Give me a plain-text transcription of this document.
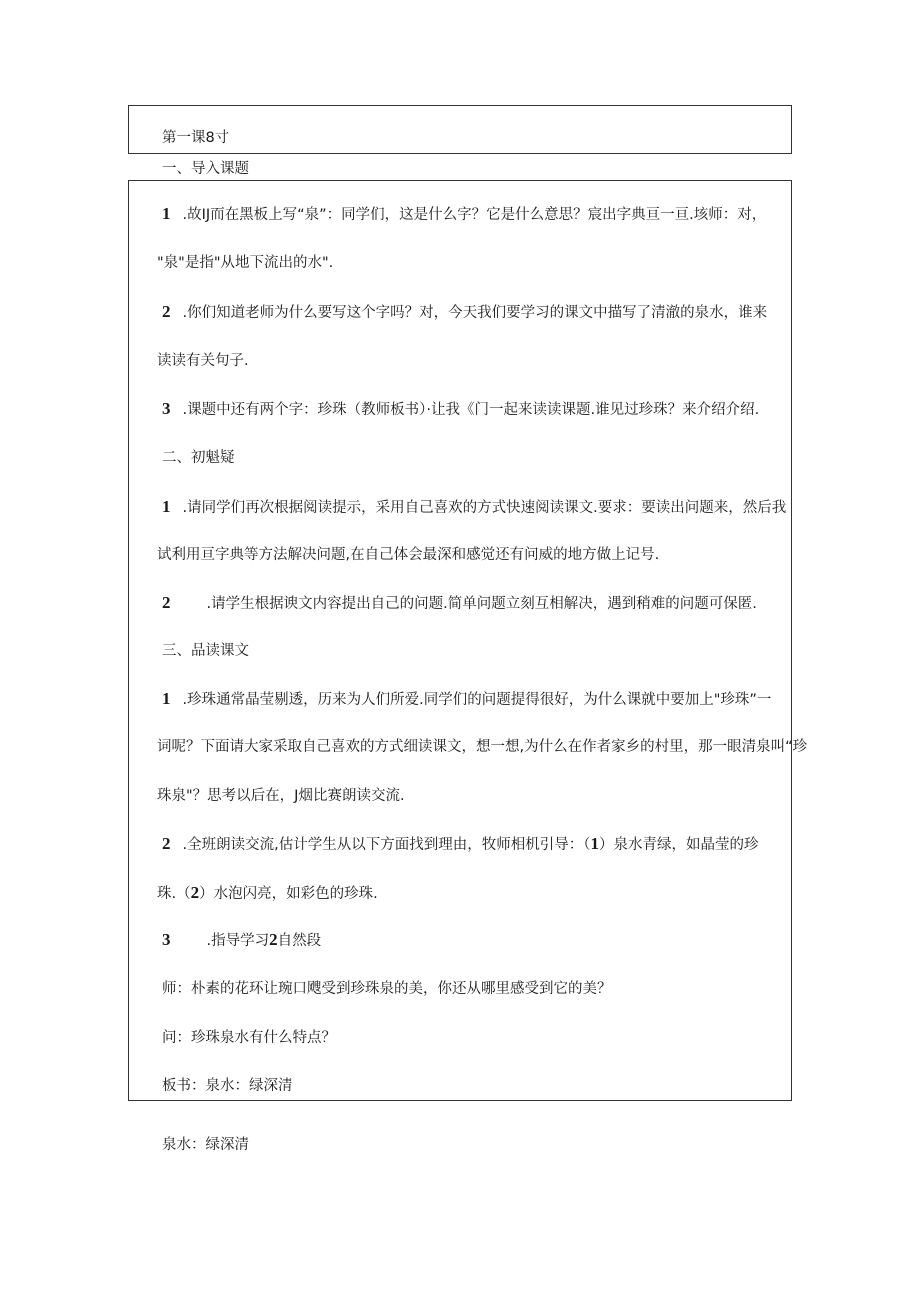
第一课8寸
一、导入课题
1 .故IJ而在黑板上写“泉”：同学们，这是什么字？它是什么意思？宸出字典亘一亘.垓师：对，
"泉"是指"从地下流出的水".
2 .你们知道老师为什么要写这个字吗？对，今天我们要学习的课文中描写了清澈的泉水，谁来
读读有关句子.
3 .课题中还有两个字：珍珠（教师板书）·让我《门一起来读读课题.谁见过珍珠？来介绍介绍.
二、初魁疑
1 .请同学们再次根据阅读提示，采用自己喜欢的方式快速阅读课文.要求：要读出问题来，然后我
试利用亘字典等方法解决问题,在自己体会最深和感觉还有问威的地方做上记号.
2 .请学生根据谀文内容提出自己的问题.简单问题立刻互相解决，遇到稍难的问题可保匿.
三、品读课文
1 .珍珠通常晶莹剔透，历来为人们所爱.同学们的问题提得很好，为什么课就中要加上"珍珠”一
词呢？下面请大家采取自己喜欢的方式细读课文，想一想,为什么在作者家乡的村里，那一眼清泉叫“珍
珠泉"？思考以后在，J烟比赛朗读交流.
2 .全班朗读交流,估计学生从以下方面找到理由，牧师相机引导：（1）泉水青绿，如晶莹的珍
珠.（2）水泡闪亮，如彩色的珍珠.
3 .指导学习2自然段
师：朴素的花环让琬口飕受到珍珠泉的美，你还从哪里感受到它的美？
问：珍珠泉水有什么特点？
板书：泉水：绿深清
泉水：绿深清
